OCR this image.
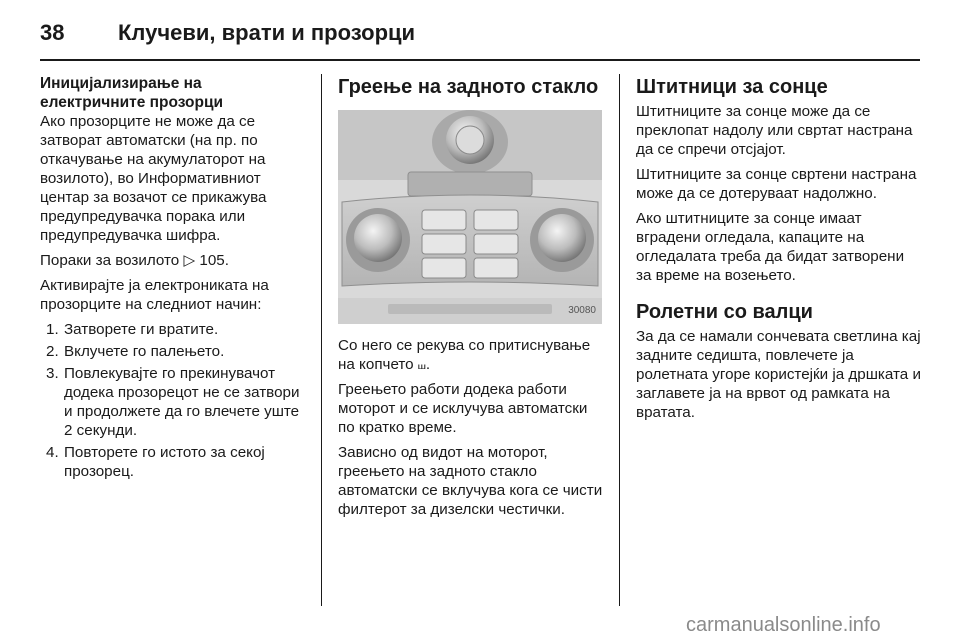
38 Клучеви, врати и прозорци
Иницијализирање на електричните прозорци

Ако прозорците не може да се затворат автоматски (на пр. по откачување на акумулаторот на возилото), во Информативниот центар за возачот се прикажува предупредувачка порака или предупредувачка шифра.

Пораки за возилото ▷ 105.

Активирајте ја електрониката на прозорците на следниот начин:

1. Затворете ги вратите.
2. Вклучете го палењето.
3. Повлекувајте го прекинувачот додека прозорецот не се затвори и продолжете да го влечете уште 2 секунди.
4. Повторете го истото за секој прозорец.
Греење на задното стакло
30080

Со него се рекува со притиснување на копчето ⧢.

Греењето работи додека работи моторот и се исклучува автоматски по кратко време.

Зависно од видот на моторот, греењето на задното стакло автоматски се вклучува кога се чисти филтерот за дизелски честички.

Штитници за сонце

Штитниците за сонце може да се преклопат надолу или свртат настрана да се спречи отсјајот.

Штитниците за сонце свртени настрана може да се дотеруваат надолжно.

Ако штитниците за сонце имаат вградени огледала, капаците на огледалата треба да бидат затворени за време на возењето.

Ролетни со валци

За да се намали сончевата светлина кај задните седишта, повлечете ја ролетната угоре користејќи ја дршката и заглавете ја на врвот од рамката на вратата.

carmanualsonline.info
